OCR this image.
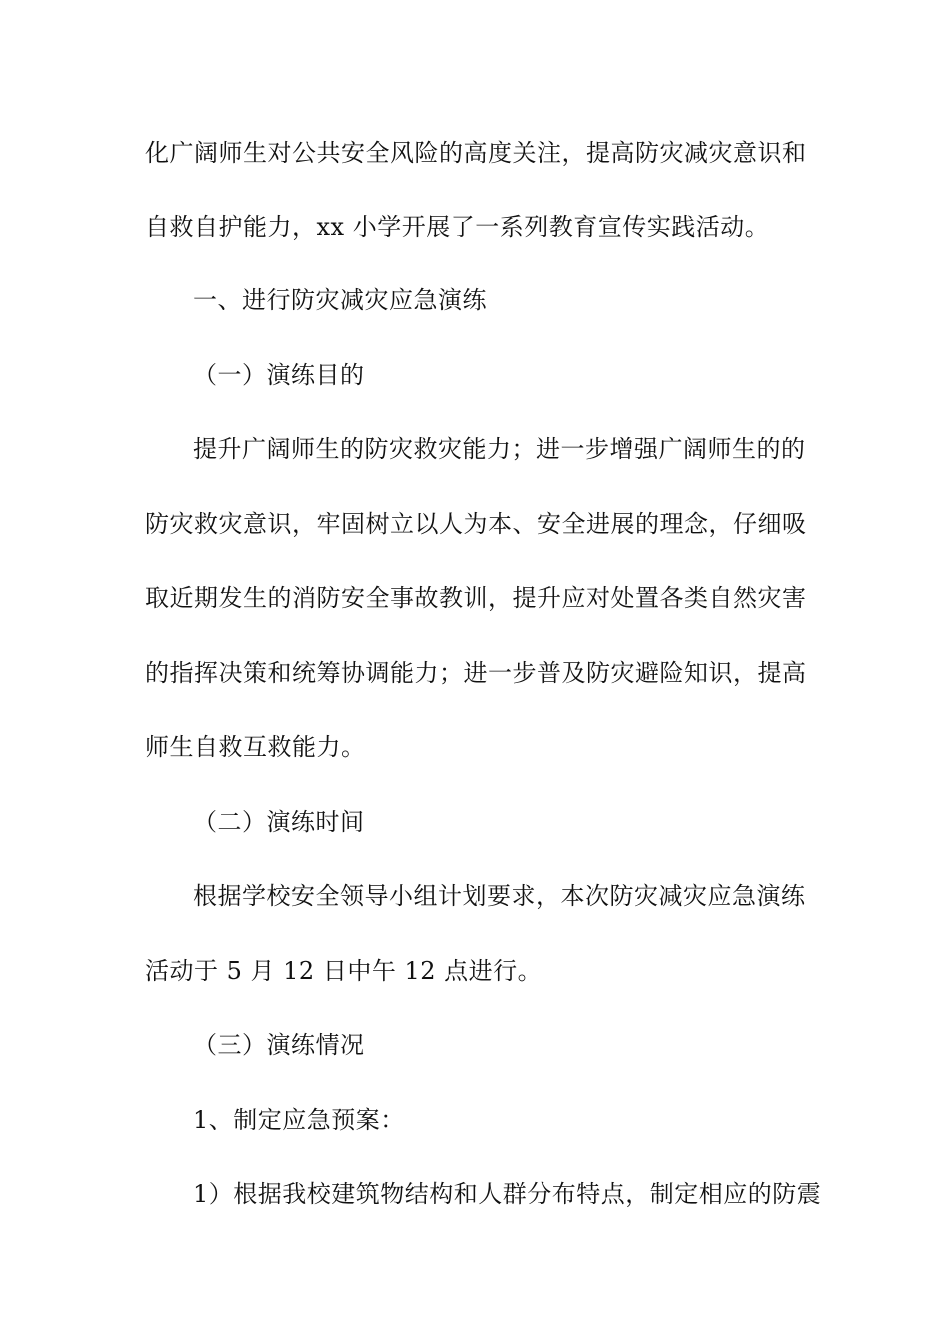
化广阔师生对公共安全风险的高度关注，提高防灾减灾意识和
自救自护能力，xx 小学开展了一系列教育宣传实践活动。
一、进行防灾减灾应急演练
（一）演练目的
提升广阔师生的防灾救灾能力；进一步增强广阔师生的的
防灾救灾意识，牢固树立以人为本、安全进展的理念，仔细吸
取近期发生的消防安全事故教训，提升应对处置各类自然灾害
的指挥决策和统筹协调能力；进一步普及防灾避险知识，提高
师生自救互救能力。
（二）演练时间
根据学校安全领导小组计划要求，本次防灾减灾应急演练
活动于 5 月 12 日中午 12 点进行。
（三）演练情况
1、制定应急预案：
1）根据我校建筑物结构和人群分布特点，制定相应的防震
